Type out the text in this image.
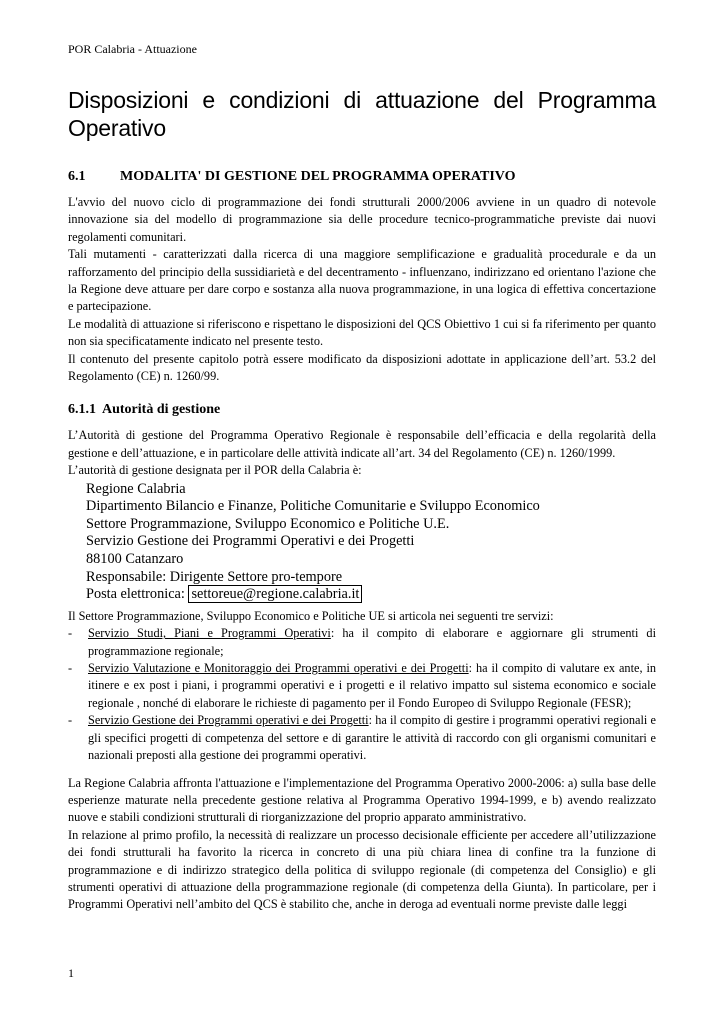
POR Calabria - Attuazione
Disposizioni e condizioni di attuazione del Programma Operativo
6.1 MODALITA' DI GESTIONE DEL PROGRAMMA OPERATIVO

L'avvio del nuovo ciclo di programmazione dei fondi strutturali 2000/2006 avviene in un quadro di notevole innovazione sia del modello di programmazione sia delle procedure tecnico-programmatiche previste dai nuovi regolamenti comunitari.

Tali mutamenti - caratterizzati dalla ricerca di una maggiore semplificazione e gradualità procedurale e da un rafforzamento del principio della sussidiarietà e del decentramento - influenzano, indirizzano ed orientano l'azione che la Regione deve attuare per dare corpo e sostanza alla nuova programmazione, in una logica di effettiva concertazione e partecipazione.

Le modalità di attuazione si riferiscono e rispettano le disposizioni del QCS Obiettivo 1 cui si fa riferimento per quanto non sia specificatamente indicato nel presente testo.

Il contenuto del presente capitolo potrà essere modificato da disposizioni adottate in applicazione dell’art. 53.2 del Regolamento (CE) n. 1260/99.

6.1.1 Autorità di gestione

L’Autorità di gestione del Programma Operativo Regionale è responsabile dell’efficacia e della regolarità della gestione e dell’attuazione, e in particolare delle attività indicate all’art. 34 del Regolamento (CE) n. 1260/1999.

L’autorità di gestione designata per il POR della Calabria è:

Regione Calabria
Dipartimento Bilancio e Finanze, Politiche Comunitarie e Sviluppo Economico
Settore Programmazione, Sviluppo Economico e Politiche U.E.
Servizio Gestione dei Programmi Operativi e dei Progetti
88100 Catanzaro
Responsabile: Dirigente Settore pro-tempore
Posta elettronica: settoreue@regione.calabria.it

Il Settore Programmazione, Sviluppo Economico e Politiche UE si articola nei seguenti tre servizi:

- Servizio Studi, Piani e Programmi Operativi: ha il compito di elaborare e aggiornare gli strumenti di programmazione regionale;
- Servizio Valutazione e Monitoraggio dei Programmi operativi e dei Progetti: ha il compito di valutare ex ante, in itinere e ex post i piani, i programmi operativi e i progetti e il relativo impatto sul sistema economico e sociale regionale , nonché di elaborare le richieste di pagamento per il Fondo Europeo di Sviluppo Regionale (FESR);
- Servizio Gestione dei Programmi operativi e dei Progetti: ha il compito di gestire i programmi operativi regionali e gli specifici progetti di competenza del settore e di garantire le attività di raccordo con gli organismi comunitari e nazionali preposti alla gestione dei programmi operativi.

La Regione Calabria affronta l'attuazione e l'implementazione del Programma Operativo 2000-2006: a) sulla base delle esperienze maturate nella precedente gestione relativa al Programma Operativo 1994-1999, e b) avendo realizzato nuove e stabili condizioni strutturali di riorganizzazione del proprio apparato amministrativo.

In relazione al primo profilo, la necessità di realizzare un processo decisionale efficiente per accedere all’utilizzazione dei fondi strutturali ha favorito la ricerca in concreto di una più chiara linea di confine tra la funzione di programmazione e di indirizzo strategico della politica di sviluppo regionale (di competenza del Consiglio) e gli strumenti operativi di attuazione della programmazione regionale (di competenza della Giunta). In particolare, per i Programmi Operativi nell’ambito del QCS è stabilito che, anche in deroga ad eventuali norme previste dalle leggi

1
